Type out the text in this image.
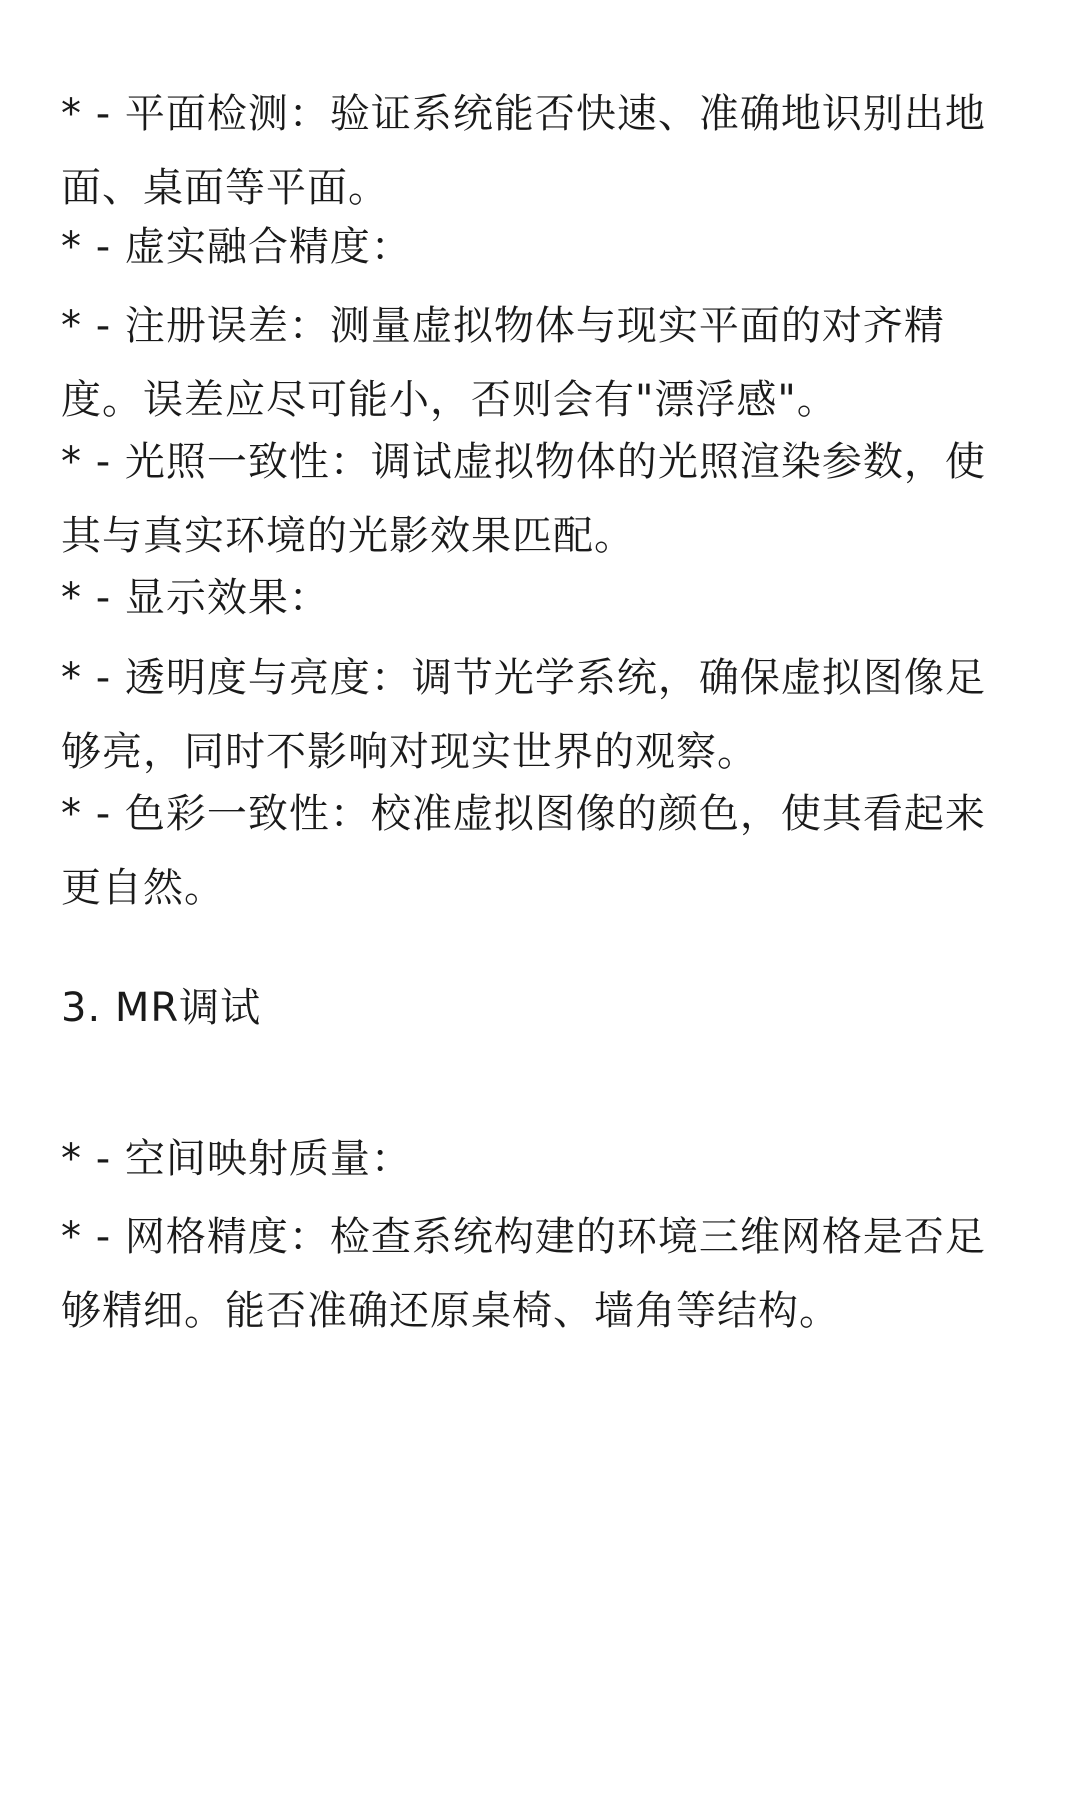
* - 平面检测：验证系统能否快速、准确地识别出地面、桌面等平面。
* - 虚实融合精度：
* - 注册误差：测量虚拟物体与现实平面的对齐精度。误差应尽可能小，否则会有"漂浮感"。
* - 光照一致性：调试虚拟物体的光照渲染参数，使其与真实环境的光影效果匹配。
* - 显示效果：
* - 透明度与亮度：调节光学系统，确保虚拟图像足够亮，同时不影响对现实世界的观察。
* - 色彩一致性：校准虚拟图像的颜色，使其看起来更自然。
3. MR调试
* - 空间映射质量：
* - 网格精度：检查系统构建的环境三维网格是否足够精细。能否准确还原桌椅、墙角等结构。
